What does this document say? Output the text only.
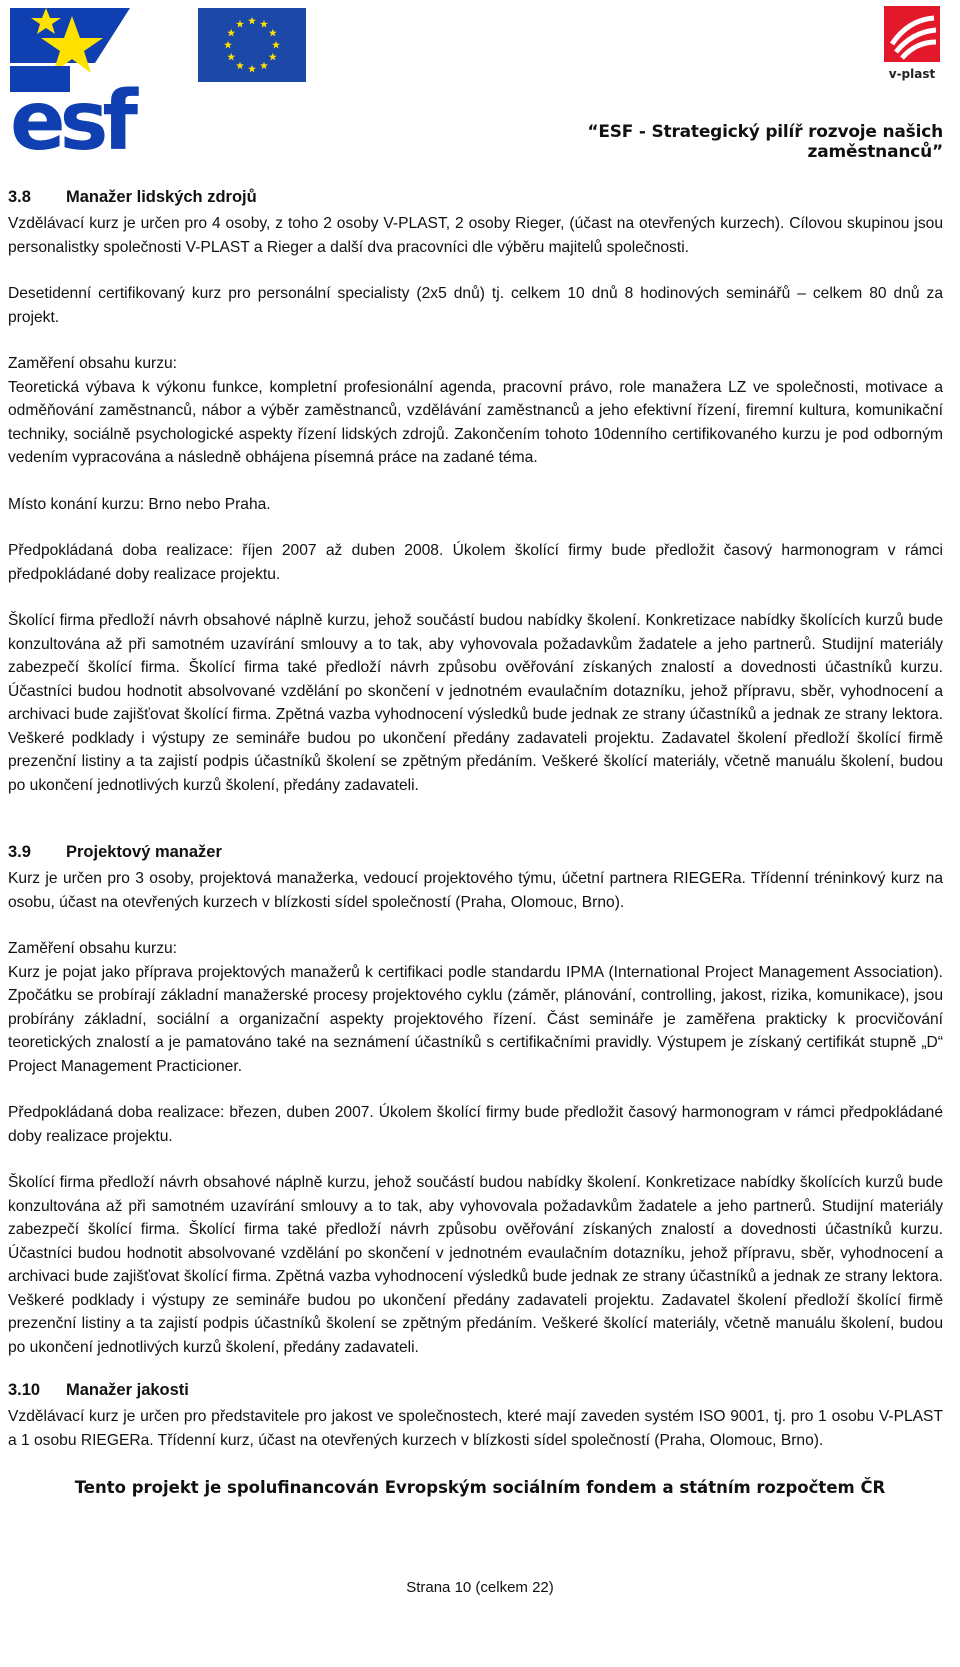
esf	v-plast
“ESF - Strategický pilíř rozvoje našich zaměstnanců”
3.8 Manažer lidských zdrojů

Vzdělávací kurz je určen pro 4 osoby, z toho 2 osoby V-PLAST, 2 osoby Rieger, (účast na otevřených kurzech). Cílovou skupinou jsou personalistky společnosti V-PLAST a Rieger a další dva pracovníci dle výběru majitelů společnosti.

Desetidenní certifikovaný kurz pro personální specialisty (2x5 dnů) tj. celkem 10 dnů 8 hodinových seminářů – celkem 80 dnů za projekt.

Zaměření obsahu kurzu:

Teoretická výbava k výkonu funkce, kompletní profesionální agenda, pracovní právo, role manažera LZ ve společnosti, motivace a odměňování zaměstnanců, nábor a výběr zaměstnanců, vzdělávání zaměstnanců a jeho efektivní řízení, firemní kultura, komunikační techniky, sociálně psychologické aspekty řízení lidských zdrojů. Zakončením tohoto 10denního certifikovaného kurzu je pod odborným vedením vypracována a následně obhájena písemná práce na zadané téma.

Místo konání kurzu: Brno nebo Praha.

Předpokládaná doba realizace: říjen 2007 až duben 2008. Úkolem školící firmy bude předložit časový harmonogram v rámci předpokládané doby realizace projektu.

Školící firma předloží návrh obsahové náplně kurzu, jehož součástí budou nabídky školení. Konkretizace nabídky školících kurzů bude konzultována až při samotném uzavírání smlouvy a to tak, aby vyhovovala požadavkům žadatele a jeho partnerů. Studijní materiály zabezpečí školící firma. Školící firma také předloží návrh způsobu ověřování získaných znalostí a dovednosti účastníků kurzu. Účastníci budou hodnotit absolvované vzdělání po skončení v jednotném evaulačním dotazníku, jehož přípravu, sběr, vyhodnocení a archivaci bude zajišťovat školící firma. Zpětná vazba vyhodnocení výsledků bude jednak ze strany účastníků a jednak ze strany lektora. Veškeré podklady i výstupy ze semináře budou po ukončení předány zadavateli projektu. Zadavatel školení předloží školící firmě prezenční listiny a ta zajistí podpis účastníků školení se zpětným předáním. Veškeré školící materiály, včetně manuálu školení, budou po ukončení jednotlivých kurzů školení, předány zadavateli.

3.9 Projektový manažer

Kurz je určen pro 3 osoby, projektová manažerka, vedoucí projektového týmu, účetní partnera RIEGERa. Třídenní tréninkový kurz na osobu, účast na otevřených kurzech v blízkosti sídel společností (Praha, Olomouc, Brno).

Zaměření obsahu kurzu:

Kurz je pojat jako příprava projektových manažerů k certifikaci podle standardu IPMA (International Project Management Association). Zpočátku se probírají základní manažerské procesy projektového cyklu (záměr, plánování, controlling, jakost, rizika, komunikace), jsou probírány základní, sociální a organizační aspekty projektového řízení. Část semináře je zaměřena prakticky k procvičování teoretických znalostí a je pamatováno také na seznámení účastníků s certifikačními pravidly. Výstupem je získaný certifikát stupně „D“ Project Management Practicioner.

Předpokládaná doba realizace: březen, duben 2007. Úkolem školící firmy bude předložit časový harmonogram v rámci předpokládané doby realizace projektu.

Školící firma předloží návrh obsahové náplně kurzu, jehož součástí budou nabídky školení. Konkretizace nabídky školících kurzů bude konzultována až při samotném uzavírání smlouvy a to tak, aby vyhovovala požadavkům žadatele a jeho partnerů. Studijní materiály zabezpečí školící firma. Školící firma také předloží návrh způsobu ověřování získaných znalostí a dovednosti účastníků kurzu. Účastníci budou hodnotit absolvované vzdělání po skončení v jednotném evaulačním dotazníku, jehož přípravu, sběr, vyhodnocení a archivaci bude zajišťovat školící firma. Zpětná vazba vyhodnocení výsledků bude jednak ze strany účastníků a jednak ze strany lektora. Veškeré podklady i výstupy ze semináře budou po ukončení předány zadavateli projektu. Zadavatel školení předloží školící firmě prezenční listiny a ta zajistí podpis účastníků školení se zpětným předáním. Veškeré školící materiály, včetně manuálu školení, budou po ukončení jednotlivých kurzů školení, předány zadavateli.

3.10 Manažer jakosti

Vzdělávací kurz je určen pro představitele pro jakost ve společnostech, které mají zaveden systém ISO 9001, tj. pro 1 osobu V-PLAST a 1 osobu RIEGERa. Třídenní kurz, účast na otevřených kurzech v blízkosti sídel společností (Praha, Olomouc, Brno).

Tento projekt je spolufinancován Evropským sociálním fondem a státním rozpočtem ČR
Strana 10 (celkem 22)
